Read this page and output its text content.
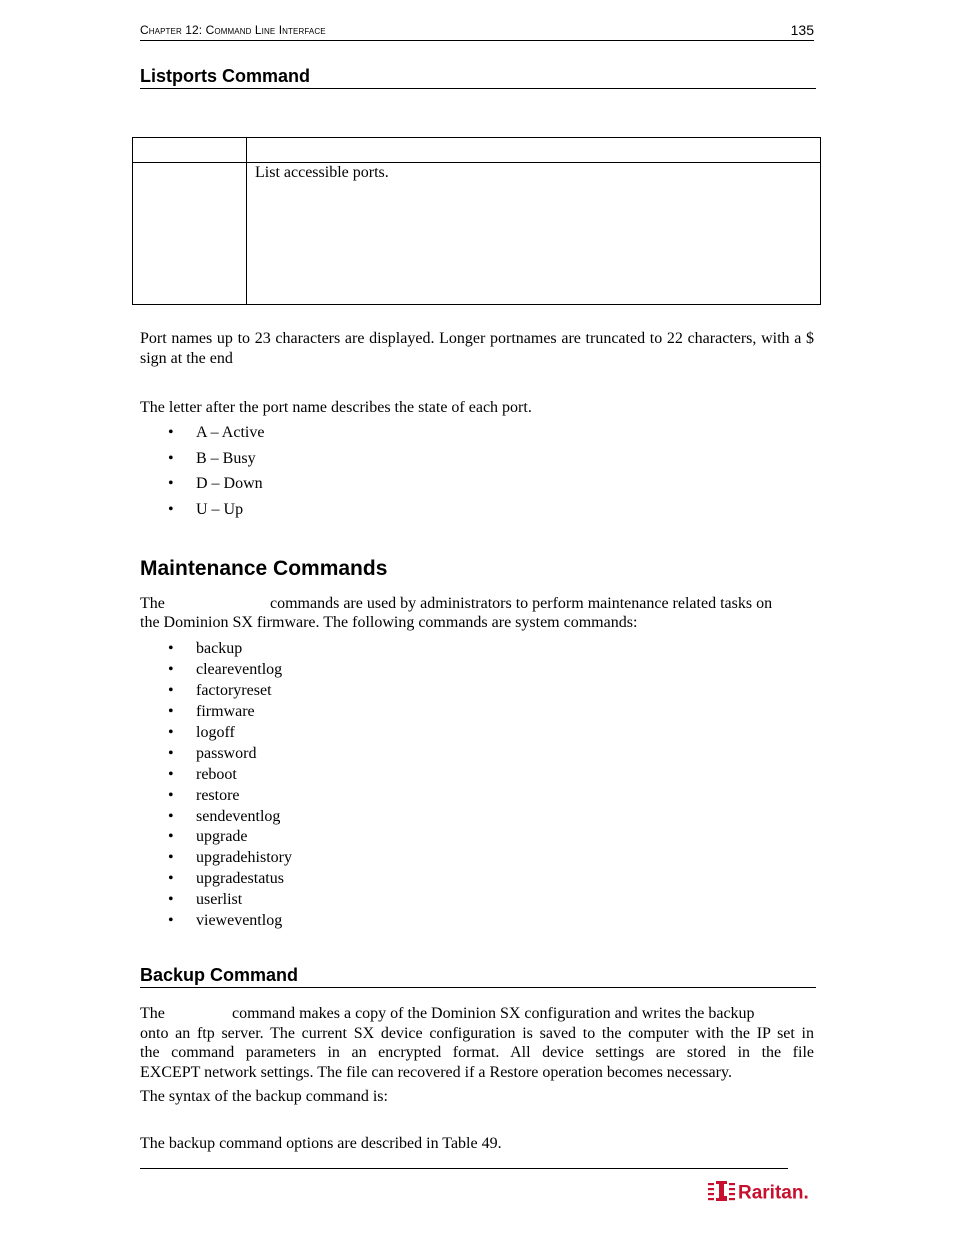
Chapter 12: Command Line Interface	135
Listports Command

	List accessible ports.
Port names up to 23 characters are displayed. Longer portnames are truncated to 22 characters, with a $ sign at the end
The letter after the port name describes the state of each port.
• A – Active
• B – Busy
• D – Down
• U – Up
Maintenance Commands
The	commands are used by administrators to perform maintenance related tasks on
the Dominion SX firmware. The following commands are system commands:
• backup
• cleareventlog
• factoryreset
• firmware
• logoff
• password
• reboot
• restore
• sendeventlog
• upgrade
• upgradehistory
• upgradestatus
• userlist
• vieweventlog
Backup Command
The	command makes a copy of the Dominion SX configuration and writes the backup
onto an ftp server. The current SX device configuration is saved to the computer with the IP set in
the command parameters in an encrypted format. All device settings are stored in the file
EXCEPT network settings. The file can recovered if a Restore operation becomes necessary.
The syntax of the backup command is:
The backup command options are described in Table 49.
Raritan.
